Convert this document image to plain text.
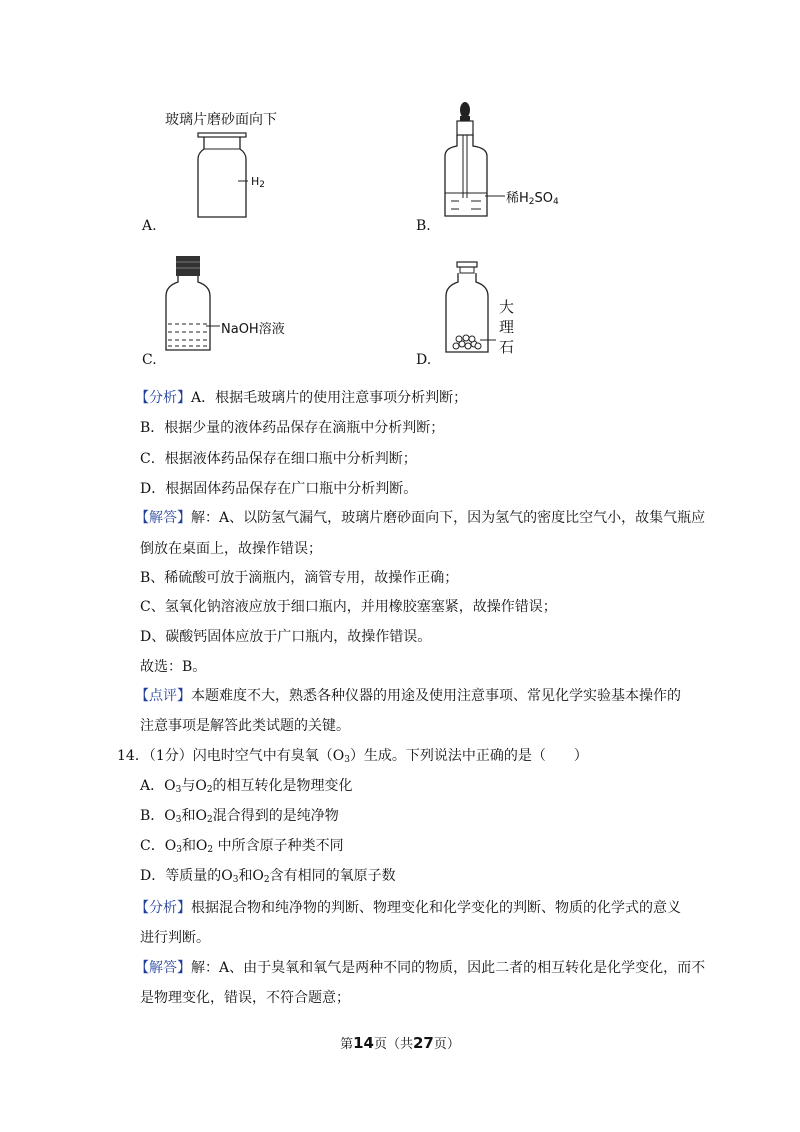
玻璃片磨砂面向下
$H_2$
A.
稀$H_2SO_4$
B.
NaOH溶液
C.
大
理
石
D.
【分析】A．根据毛玻璃片的使用注意事项分析判断；
B．根据少量的液体药品保存在滴瓶中分析判断；
C．根据液体药品保存在细口瓶中分析判断；
D．根据固体药品保存在广口瓶中分析判断。
【解答】解：A、以防氢气漏气，玻璃片磨砂面向下，因为氢气的密度比空气小，故集气瓶应
倒放在桌面上，故操作错误；
B、稀硫酸可放于滴瓶内，滴管专用，故操作正确；
C、氢氧化钠溶液应放于细口瓶内，并用橡胶塞塞紧，故操作错误；
D、碳酸钙固体应放于广口瓶内，故操作错误。
故选：B。
【点评】本题难度不大，熟悉各种仪器的用途及使用注意事项、常见化学实验基本操作的
注意事项是解答此类试题的关键。
14．（1分）闪电时空气中有臭氧$(O_3)$生成。下列说法中正确的是（　　）
A．$O_3$与$O_2$的相互转化是物理变化
B．$O_3$和$O_2$混合得到的是纯净物
C．$O_3$和$O_2$ 中所含原子种类不同
D．等质量的$O_3$和$O_2$含有相同的氧原子数
【分析】根据混合物和纯净物的判断、物理变化和化学变化的判断、物质的化学式的意义
进行判断。
【解答】解：A、由于臭氧和氧气是两种不同的物质，因此二者的相互转化是化学变化，而不
是物理变化，错误，不符合题意；
第14页（共27页）
